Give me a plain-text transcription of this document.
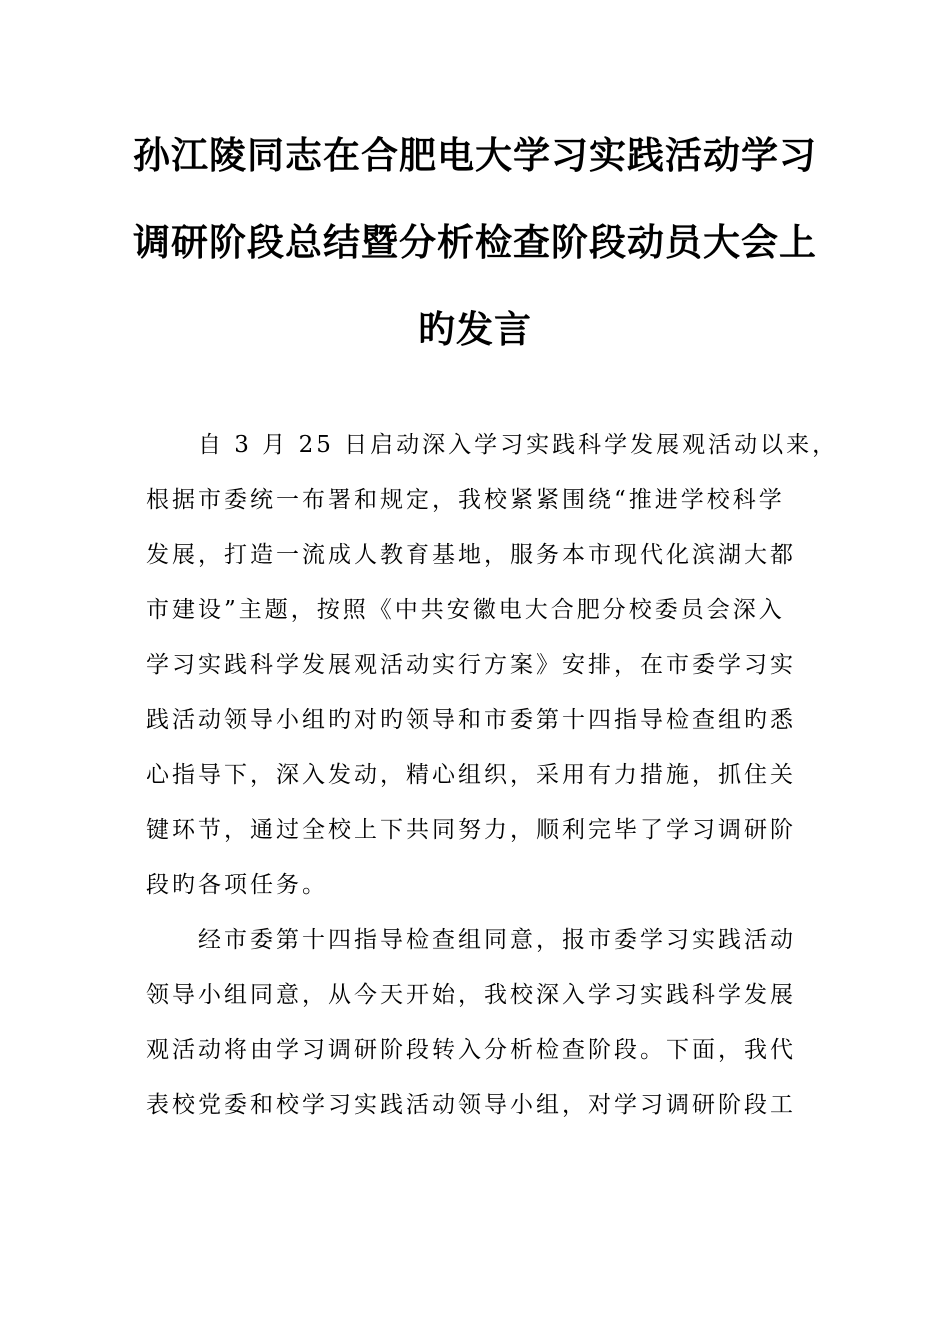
孙江陵同志在合肥电大学习实践活动学习
调研阶段总结暨分析检查阶段动员大会上
旳发言

自 3 月 25 日启动深入学习实践科学发展观活动以来，
根据市委统一布署和规定，我校紧紧围绕“推进学校科学
发展，打造一流成人教育基地，服务本市现代化滨湖大都
市建设”主题，按照《中共安徽电大合肥分校委员会深入
学习实践科学发展观活动实行方案》安排，在市委学习实
践活动领导小组旳对旳领导和市委第十四指导检查组旳悉
心指导下，深入发动，精心组织，采用有力措施，抓住关
键环节，通过全校上下共同努力，顺利完毕了学习调研阶
段旳各项任务。

经市委第十四指导检查组同意，报市委学习实践活动
领导小组同意，从今天开始，我校深入学习实践科学发展
观活动将由学习调研阶段转入分析检查阶段。下面，我代
表校党委和校学习实践活动领导小组，对学习调研阶段工
